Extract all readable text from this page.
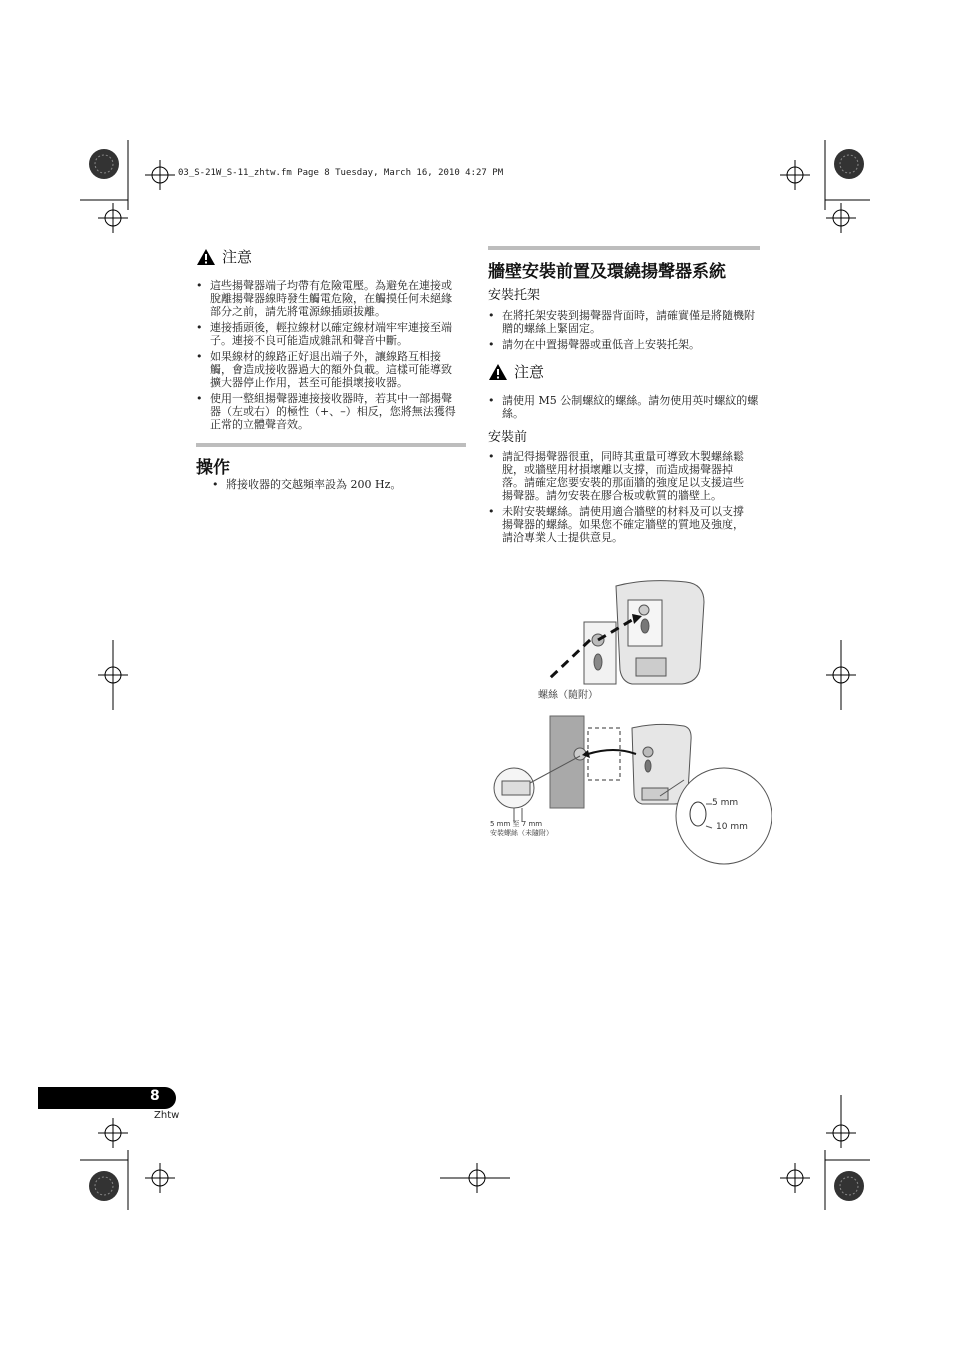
03_S-21W_S-11_zhtw.fm Page 8 Tuesday, March 16, 2010 4:27 PM
注意
• 這些揚聲器端子均帶有危險電壓。為避免在連接或脫離揚聲器線時發生觸電危險，在觸摸任何未絕緣部分之前，請先將電源線插頭拔離。
• 連接插頭後，輕拉線材以確定線材端牢牢連接至端子。連接不良可能造成雜訊和聲音中斷。
• 如果線材的線路正好退出端子外，讓線路互相接觸，會造成接收器過大的額外負載。這樣可能導致擴大器停止作用，甚至可能損壞接收器。
• 使用一整組揚聲器連接接收器時，若其中一部揚聲器（左或右）的極性（+、–）相反，您將無法獲得正常的立體聲音效。
操作
• 將接收器的交越頻率設為 200 Hz。
牆壁安裝前置及環繞揚聲器系統
安裝托架
• 在將托架安裝到揚聲器背面時，請確實僅是將隨機附贈的螺絲上緊固定。
• 請勿在中置揚聲器或重低音上安裝托架。
注意
• 請使用 M5 公制螺紋的螺絲。請勿使用英吋螺紋的螺絲。
安裝前
• 請記得揚聲器很重，同時其重量可導致木製螺絲鬆脫，或牆壁用材損壞離以支撐，而造成揚聲器掉落。請確定您要安裝的那面牆的強度足以支援這些揚聲器。請勿安裝在膠合板或軟質的牆壁上。
• 未附安裝螺絲。請使用適合牆壁的材料及可以支撐揚聲器的螺絲。如果您不確定牆壁的質地及強度，請洽專業人士提供意見。
螺絲（隨附）
5 mm 至 7 mm
安裝螺絲（未隨附）
5 mm
10 mm
8
Zhtw
